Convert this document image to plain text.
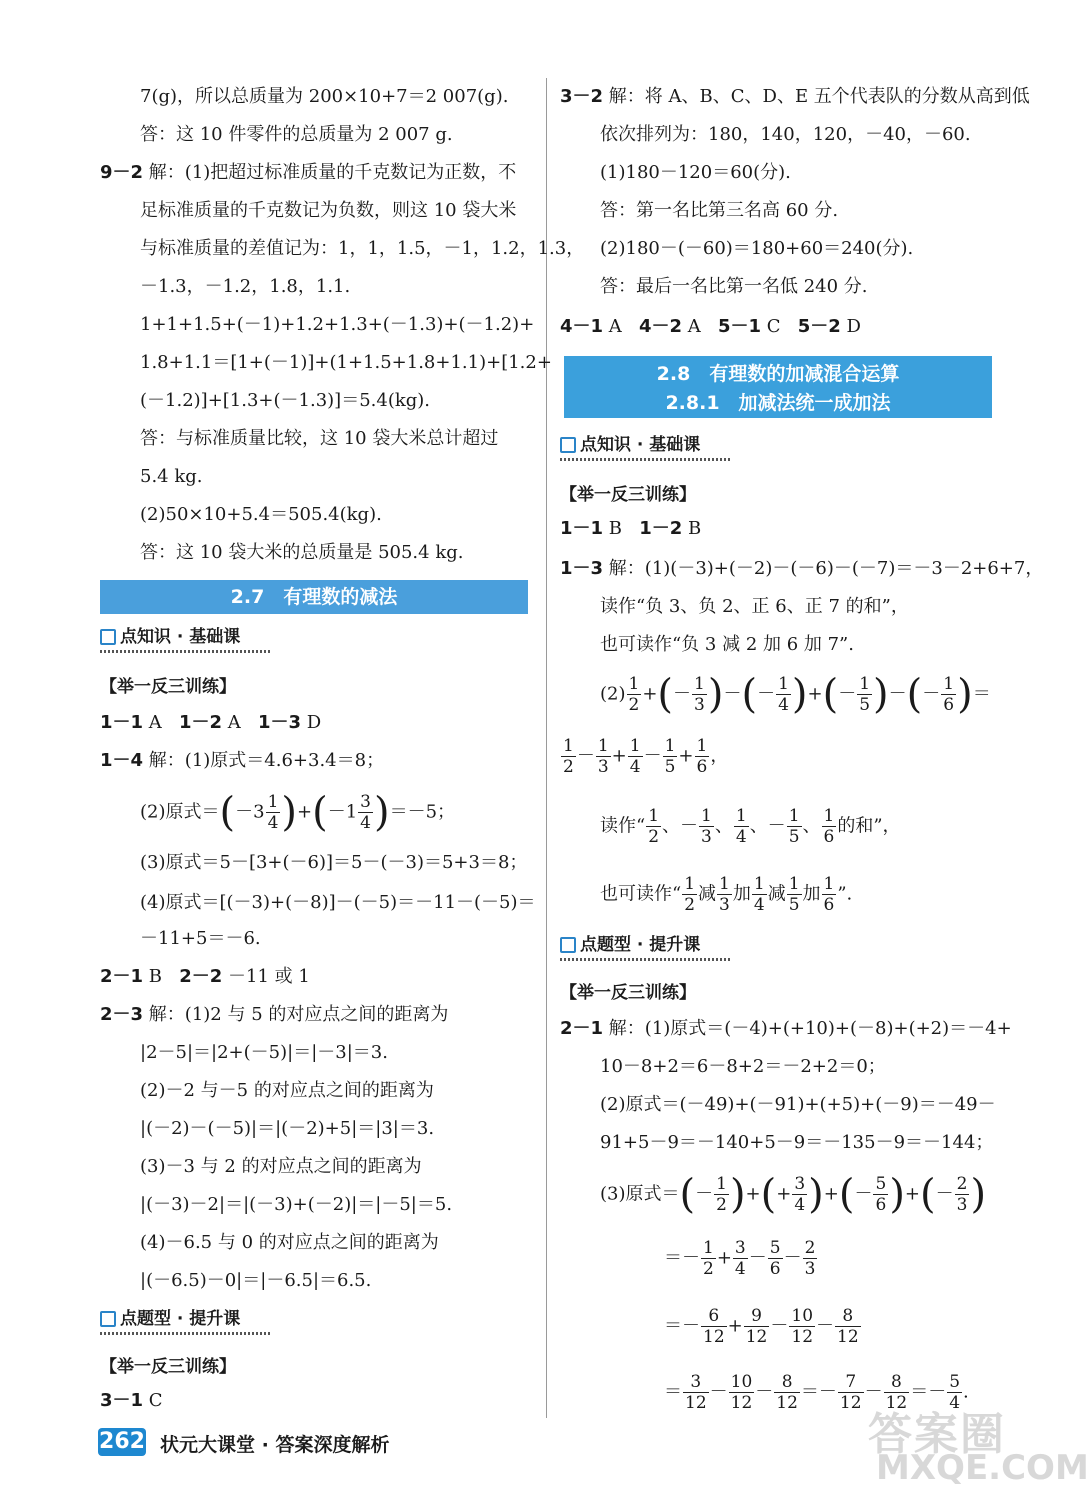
7(g)，所以总质量为 200×10+7＝2 007(g).
答：这 10 件零件的总质量为 2 007 g.
9－2 解：(1)把超过标准质量的千克数记为正数，不
足标准质量的千克数记为负数，则这 10 袋大米
与标准质量的差值记为：1，1，1.5，－1，1.2，1.3，
－1.3，－1.2，1.8，1.1.
1+1+1.5+(－1)+1.2+1.3+(－1.3)+(－1.2)+
1.8+1.1＝[1+(－1)]+(1+1.5+1.8+1.1)+[1.2+
(－1.2)]+[1.3+(－1.3)]＝5.4(kg).
答：与标准质量比较，这 10 袋大米总计超过
5.4 kg.
(2)50×10+5.4＝505.4(kg).
答：这 10 袋大米的总质量是 505.4 kg.
2.7　有理数的减法
点知识 · 基础课
【举一反三训练】
1－1 A 1－2 A 1－3 D
1－4 解：(1)原式＝4.6+3.4＝8；
(2)原式$=(-3 \frac{1}{4} )+(-1 \frac{3}{4} )=-5$；
(3)原式＝5－[3+(－6)]＝5－(－3)＝5+3＝8；
(4)原式＝[(－3)+(－8)]－(－5)＝－11－(－5)＝
－11+5＝－6.
2－1 B 2－2 －11 或 1
2－3 解：(1)2 与 5 的对应点之间的距离为
|2－5|＝|2+(－5)|＝|－3|＝3.
(2)－2 与－5 的对应点之间的距离为
|(－2)－(－5)|＝|(－2)+5|＝|3|＝3.
(3)－3 与 2 的对应点之间的距离为
|(－3)－2|＝|(－3)+(－2)|＝|－5|＝5.
(4)－6.5 与 0 的对应点之间的距离为
|(－6.5)－0|＝|－6.5|＝6.5.
点题型 · 提升课
【举一反三训练】
3－1 C
3－2 解：将 A、B、C、D、E 五个代表队的分数从高到低
依次排列为：180，140，120，－40，－60.
(1)180－120＝60(分).
答：第一名比第三名高 60 分.
(2)180－(－60)＝180+60＝240(分).
答：最后一名比第一名低 240 分.
4－1 A 4－2 A 5－1 C 5－2 D
2.8　有理数的加减混合运算
2.8.1　加减法统一成加法
点知识 · 基础课
【举一反三训练】
1－1 B 1－2 B
1－3 解：(1)(－3)+(－2)－(－6)－(－7)＝－3－2+6+7，
读作“负 3、负 2、正 6、正 7 的和”，
也可读作“负 3 减 2 加 6 加 7”.
$(2) \frac{1}{2}$ +(－ $\frac{1}{3}$ )－(－ $\frac{1}{4}$ )+(－ $\frac{1}{5}$ )－(－ $\frac{1}{6}$ )＝
$\frac{1}{2} - \frac{1}{3} + \frac{1}{4} - \frac{1}{5} + \frac{1}{6}$ ，
读作“ $\frac{1}{2}$ 、－ $\frac{1}{3}$ 、 $\frac{1}{4}$ 、－ $\frac{1}{5}$ 、 $\frac{1}{6}$ 的和”，
也可读作“ $\frac{1}{2}$ 减 $\frac{1}{3}$ 加 $\frac{1}{4}$ 减 $\frac{1}{5}$ 加 $\frac{1}{6}$ ”.
点题型 · 提升课
【举一反三训练】
2－1 解：(1)原式＝(－4)+(+10)+(－8)+(+2)＝－4+
10－8+2＝6－8+2＝－2+2＝0；
(2)原式＝(－49)+(－91)+(+5)+(－9)＝－49－
91+5－9＝－140+5－9＝－135－9＝－144；
(3)原式＝(－ $\frac{1}{2}$ )+(+ $\frac{3}{4}$ )+(－ $\frac{5}{6}$ )+(－ $\frac{2}{3}$ )
＝－ $\frac{1}{2} + \frac{3}{4} - \frac{5}{6} - \frac{2}{3}$
＝－ $\frac{6}{12} + \frac{9}{12} - \frac{10}{12} - \frac{8}{12}$
＝ $\frac{3}{12} - \frac{10}{12} - \frac{8}{12} =- \frac{7}{12} - \frac{8}{12} =- \frac{5}{4}$ .
262 状元大课堂 · 答案深度解析	答案圈
MXQE.COM
